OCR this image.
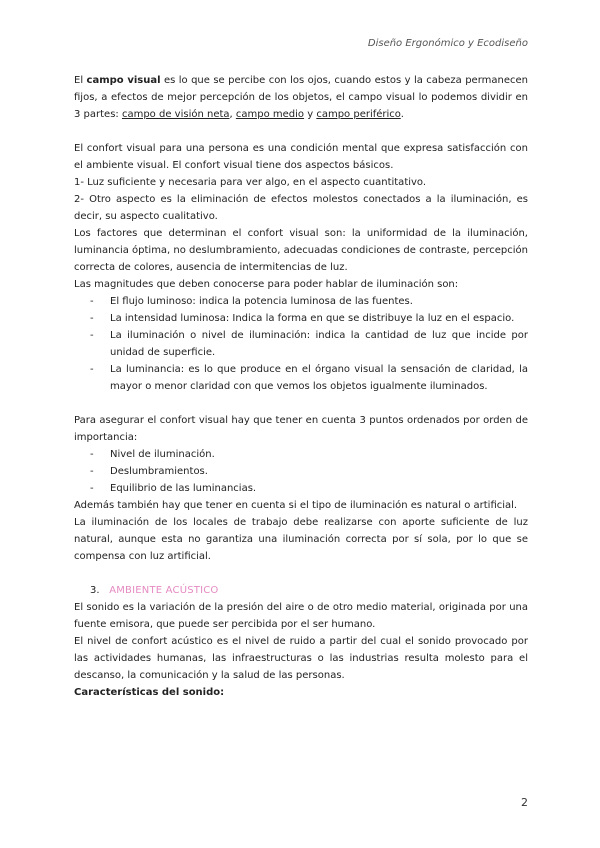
Diseño Ergonómico y Ecodiseño

El campo visual es lo que se percibe con los ojos, cuando estos y la cabeza permanecen fijos, a efectos de mejor percepción de los objetos, el campo visual lo podemos dividir en 3 partes: campo de visión neta, campo medio y campo periférico.

El confort visual para una persona es una condición mental que expresa satisfacción con el ambiente visual. El confort visual tiene dos aspectos básicos.

1- Luz suficiente y necesaria para ver algo, en el aspecto cuantitativo.

2- Otro aspecto es la eliminación de efectos molestos conectados a la iluminación, es decir, su aspecto cualitativo.

Los factores que determinan el confort visual son: la uniformidad de la iluminación, luminancia óptima, no deslumbramiento, adecuadas condiciones de contraste, percepción correcta de colores, ausencia de intermitencias de luz.

Las magnitudes que deben conocerse para poder hablar de iluminación son:

- El flujo luminoso: indica la potencia luminosa de las fuentes.
- La intensidad luminosa: Indica la forma en que se distribuye la luz en el espacio.
- La iluminación o nivel de iluminación: indica la cantidad de luz que incide por unidad de superficie.
- La luminancia: es lo que produce en el órgano visual la sensación de claridad, la mayor o menor claridad con que vemos los objetos igualmente iluminados.

Para asegurar el confort visual hay que tener en cuenta 3 puntos ordenados por orden de importancia:

- Nivel de iluminación.
- Deslumbramientos.
- Equilibrio de las luminancias.

Además también hay que tener en cuenta si el tipo de iluminación es natural o artificial.

La iluminación de los locales de trabajo debe realizarse con aporte suficiente de luz natural, aunque esta no garantiza una iluminación correcta por sí sola, por lo que se compensa con luz artificial.

3. AMBIENTE ACÚSTICO

El sonido es la variación de la presión del aire o de otro medio material, originada por una fuente emisora, que puede ser percibida por el ser humano.

El nivel de confort acústico es el nivel de ruido a partir del cual el sonido provocado por las actividades humanas, las infraestructuras o las industrias resulta molesto para el descanso, la comunicación y la salud de las personas.

Características del sonido:

2
